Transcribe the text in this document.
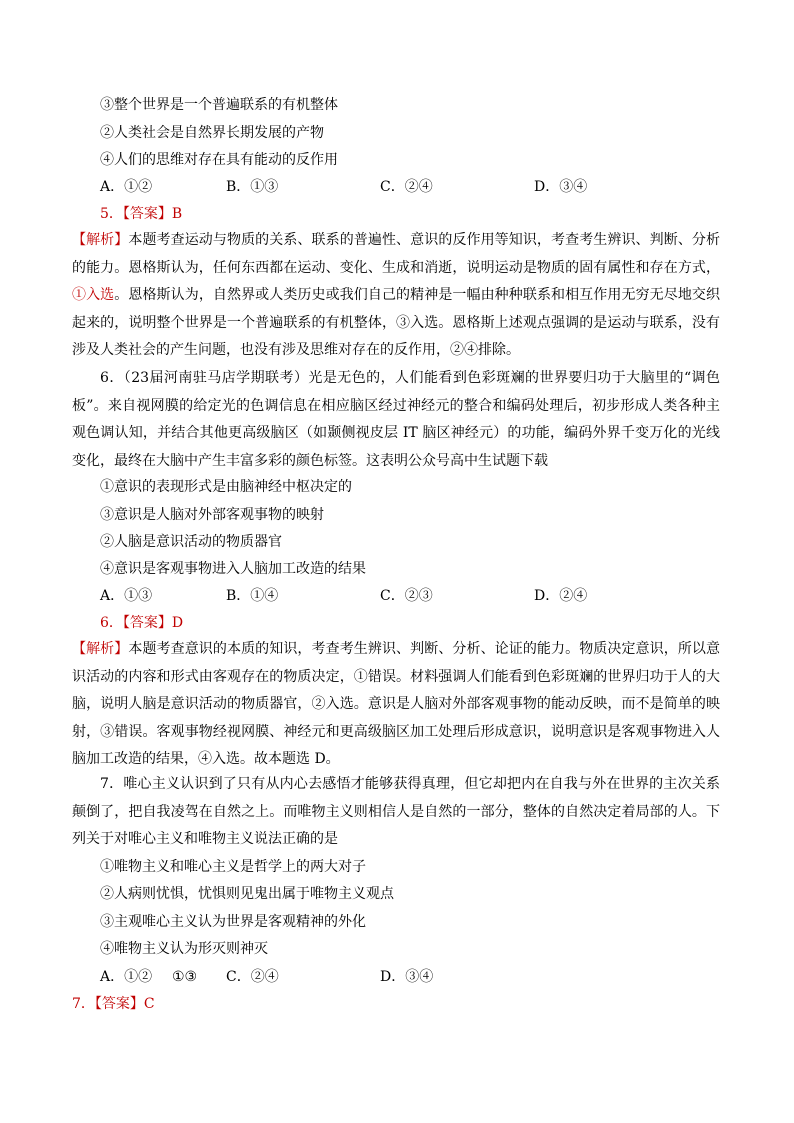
③整个世界是一个普遍联系的有机整体
②人类社会是自然界长期发展的产物
④人们的思维对存在具有能动的反作用
A．①②	B．①③	C．②④	D．③④
5．【答案】B
【解析】本题考查运动与物质的关系、联系的普遍性、意识的反作用等知识，考查考生辨识、判断、分析的能力。恩格斯认为，任何东西都在运动、变化、生成和消逝，说明运动是物质的固有属性和存在方式，①入选。恩格斯认为，自然界或人类历史或我们自己的精神是一幅由种种联系和相互作用无穷无尽地交织起来的，说明整个世界是一个普遍联系的有机整体，③入选。恩格斯上述观点强调的是运动与联系，没有涉及人类社会的产生问题，也没有涉及思维对存在的反作用，②④排除。
6．（23届河南驻马店学期联考）光是无色的，人们能看到色彩斑斓的世界要归功于大脑里的“调色板”。来自视网膜的给定光的色调信息在相应脑区经过神经元的整合和编码处理后，初步形成人类各种主观色调认知，并结合其他更高级脑区（如颞侧视皮层 IT 脑区神经元）的功能，编码外界千变万化的光线变化，最终在大脑中产生丰富多彩的颜色标签。这表明公众号高中生试题下载
①意识的表现形式是由脑神经中枢决定的
③意识是人脑对外部客观事物的映射
②人脑是意识活动的物质器官
④意识是客观事物进入人脑加工改造的结果
A．①③	B．①④	C．②③	D．②④
6．【答案】D
【解析】本题考查意识的本质的知识，考查考生辨识、判断、分析、论证的能力。物质决定意识，所以意识活动的内容和形式由客观存在的物质决定，①错误。材料强调人们能看到色彩斑斓的世界归功于人的大脑，说明人脑是意识活动的物质器官，②入选。意识是人脑对外部客观事物的能动反映，而不是简单的映射，③错误。客观事物经视网膜、神经元和更高级脑区加工处理后形成意识，说明意识是客观事物进入人脑加工改造的结果，④入选。故本题选 D。
7．唯心主义认识到了只有从内心去感悟才能够获得真理，但它却把内在自我与外在世界的主次关系颠倒了，把自我凌驾在自然之上。而唯物主义则相信人是自然的一部分，整体的自然决定着局部的人。下列关于对唯心主义和唯物主义说法正确的是
①唯物主义和唯心主义是哲学上的两大对子
②人病则忧惧，忧惧则见鬼出属于唯物主义观点
③主观唯心主义认为世界是客观精神的外化
④唯物主义认为形灭则神灭
A．①② ①③ C．②④	D．③④
7．【答案】C
